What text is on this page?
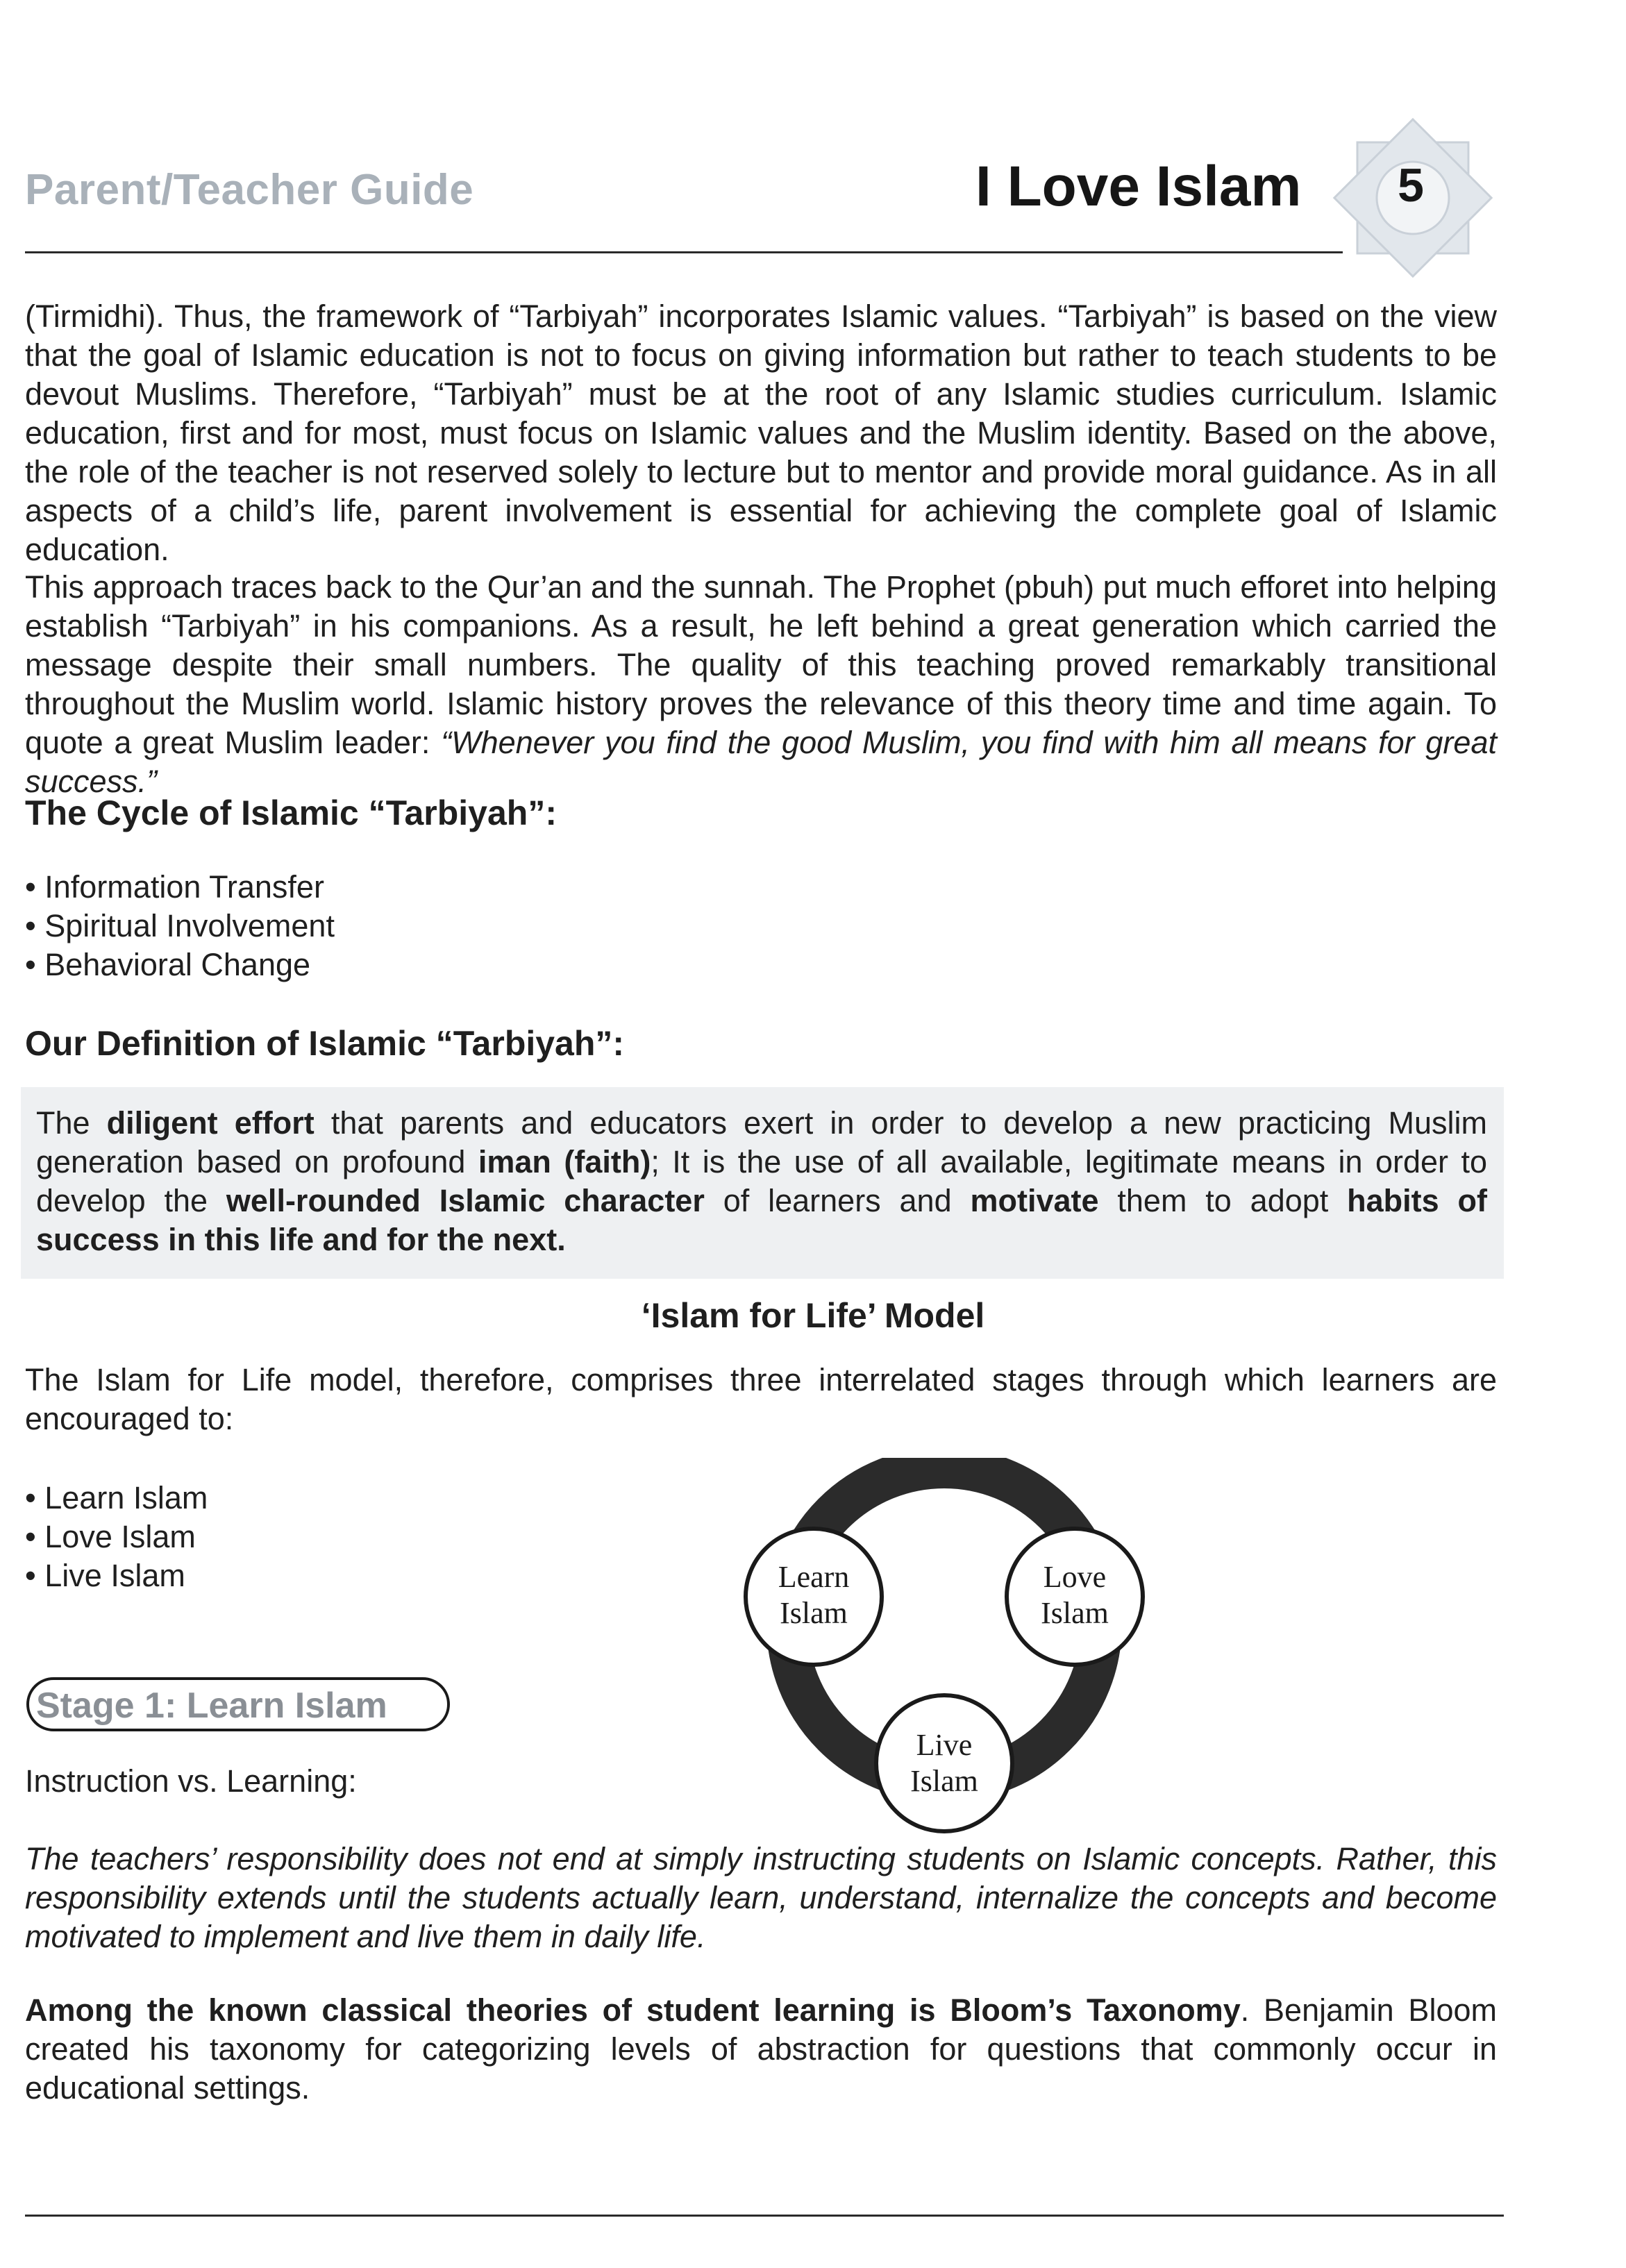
Parent/Teacher Guide	I Love Islam	5

(Tirmidhi). Thus, the framework of “Tarbiyah” incorporates Islamic values. “Tarbiyah” is based on the view that the goal of Islamic education is not to focus on giving information but rather to teach students to be devout Muslims. Therefore, “Tarbiyah” must be at the root of any Islamic studies curriculum. Islamic education, first and for most, must focus on Islamic values and the Muslim identity. Based on the above, the role of the teacher is not reserved solely to lecture but to mentor and provide moral guidance. As in all aspects of a child’s life, parent involvement is essential for achieving the complete goal of Islamic education.

This approach traces back to the Qur’an and the sunnah. The Prophet (pbuh) put much efforet into helping establish “Tarbiyah” in his companions. As a result, he left behind a great generation which carried the message despite their small numbers. The quality of this teaching proved remarkably transitional throughout the Muslim world. Islamic history proves the relevance of this theory time and time again. To quote a great Muslim leader: “Whenever you find the good Muslim, you find with him all means for great success.”

The Cycle of Islamic “Tarbiyah”:
• Information Transfer
• Spiritual Involvement
• Behavioral Change
Our Definition of Islamic “Tarbiyah”:

The diligent effort that parents and educators exert in order to develop a new practicing Muslim generation based on profound iman (faith); It is the use of all available, legitimate means in order to develop the well-rounded Islamic character of learners and motivate them to adopt habits of success in this life and for the next.

‘Islam for Life’ Model

The Islam for Life model, therefore, comprises three interrelated stages through which learners are encouraged to:

• Learn Islam
• Love Islam
• Live Islam	Learn
Islam
Love
Islam
Live
Islam
Stage 1: Learn Islam
Instruction vs. Learning:

The teachers’ responsibility does not end at simply instructing students on Islamic concepts. Rather, this responsibility extends until the students actually learn, understand, internalize the concepts and become motivated to implement and live them in daily life.

Among the known classical theories of student learning is Bloom’s Taxonomy. Benjamin Bloom created his taxonomy for categorizing levels of abstraction for questions that commonly occur in educational settings.
